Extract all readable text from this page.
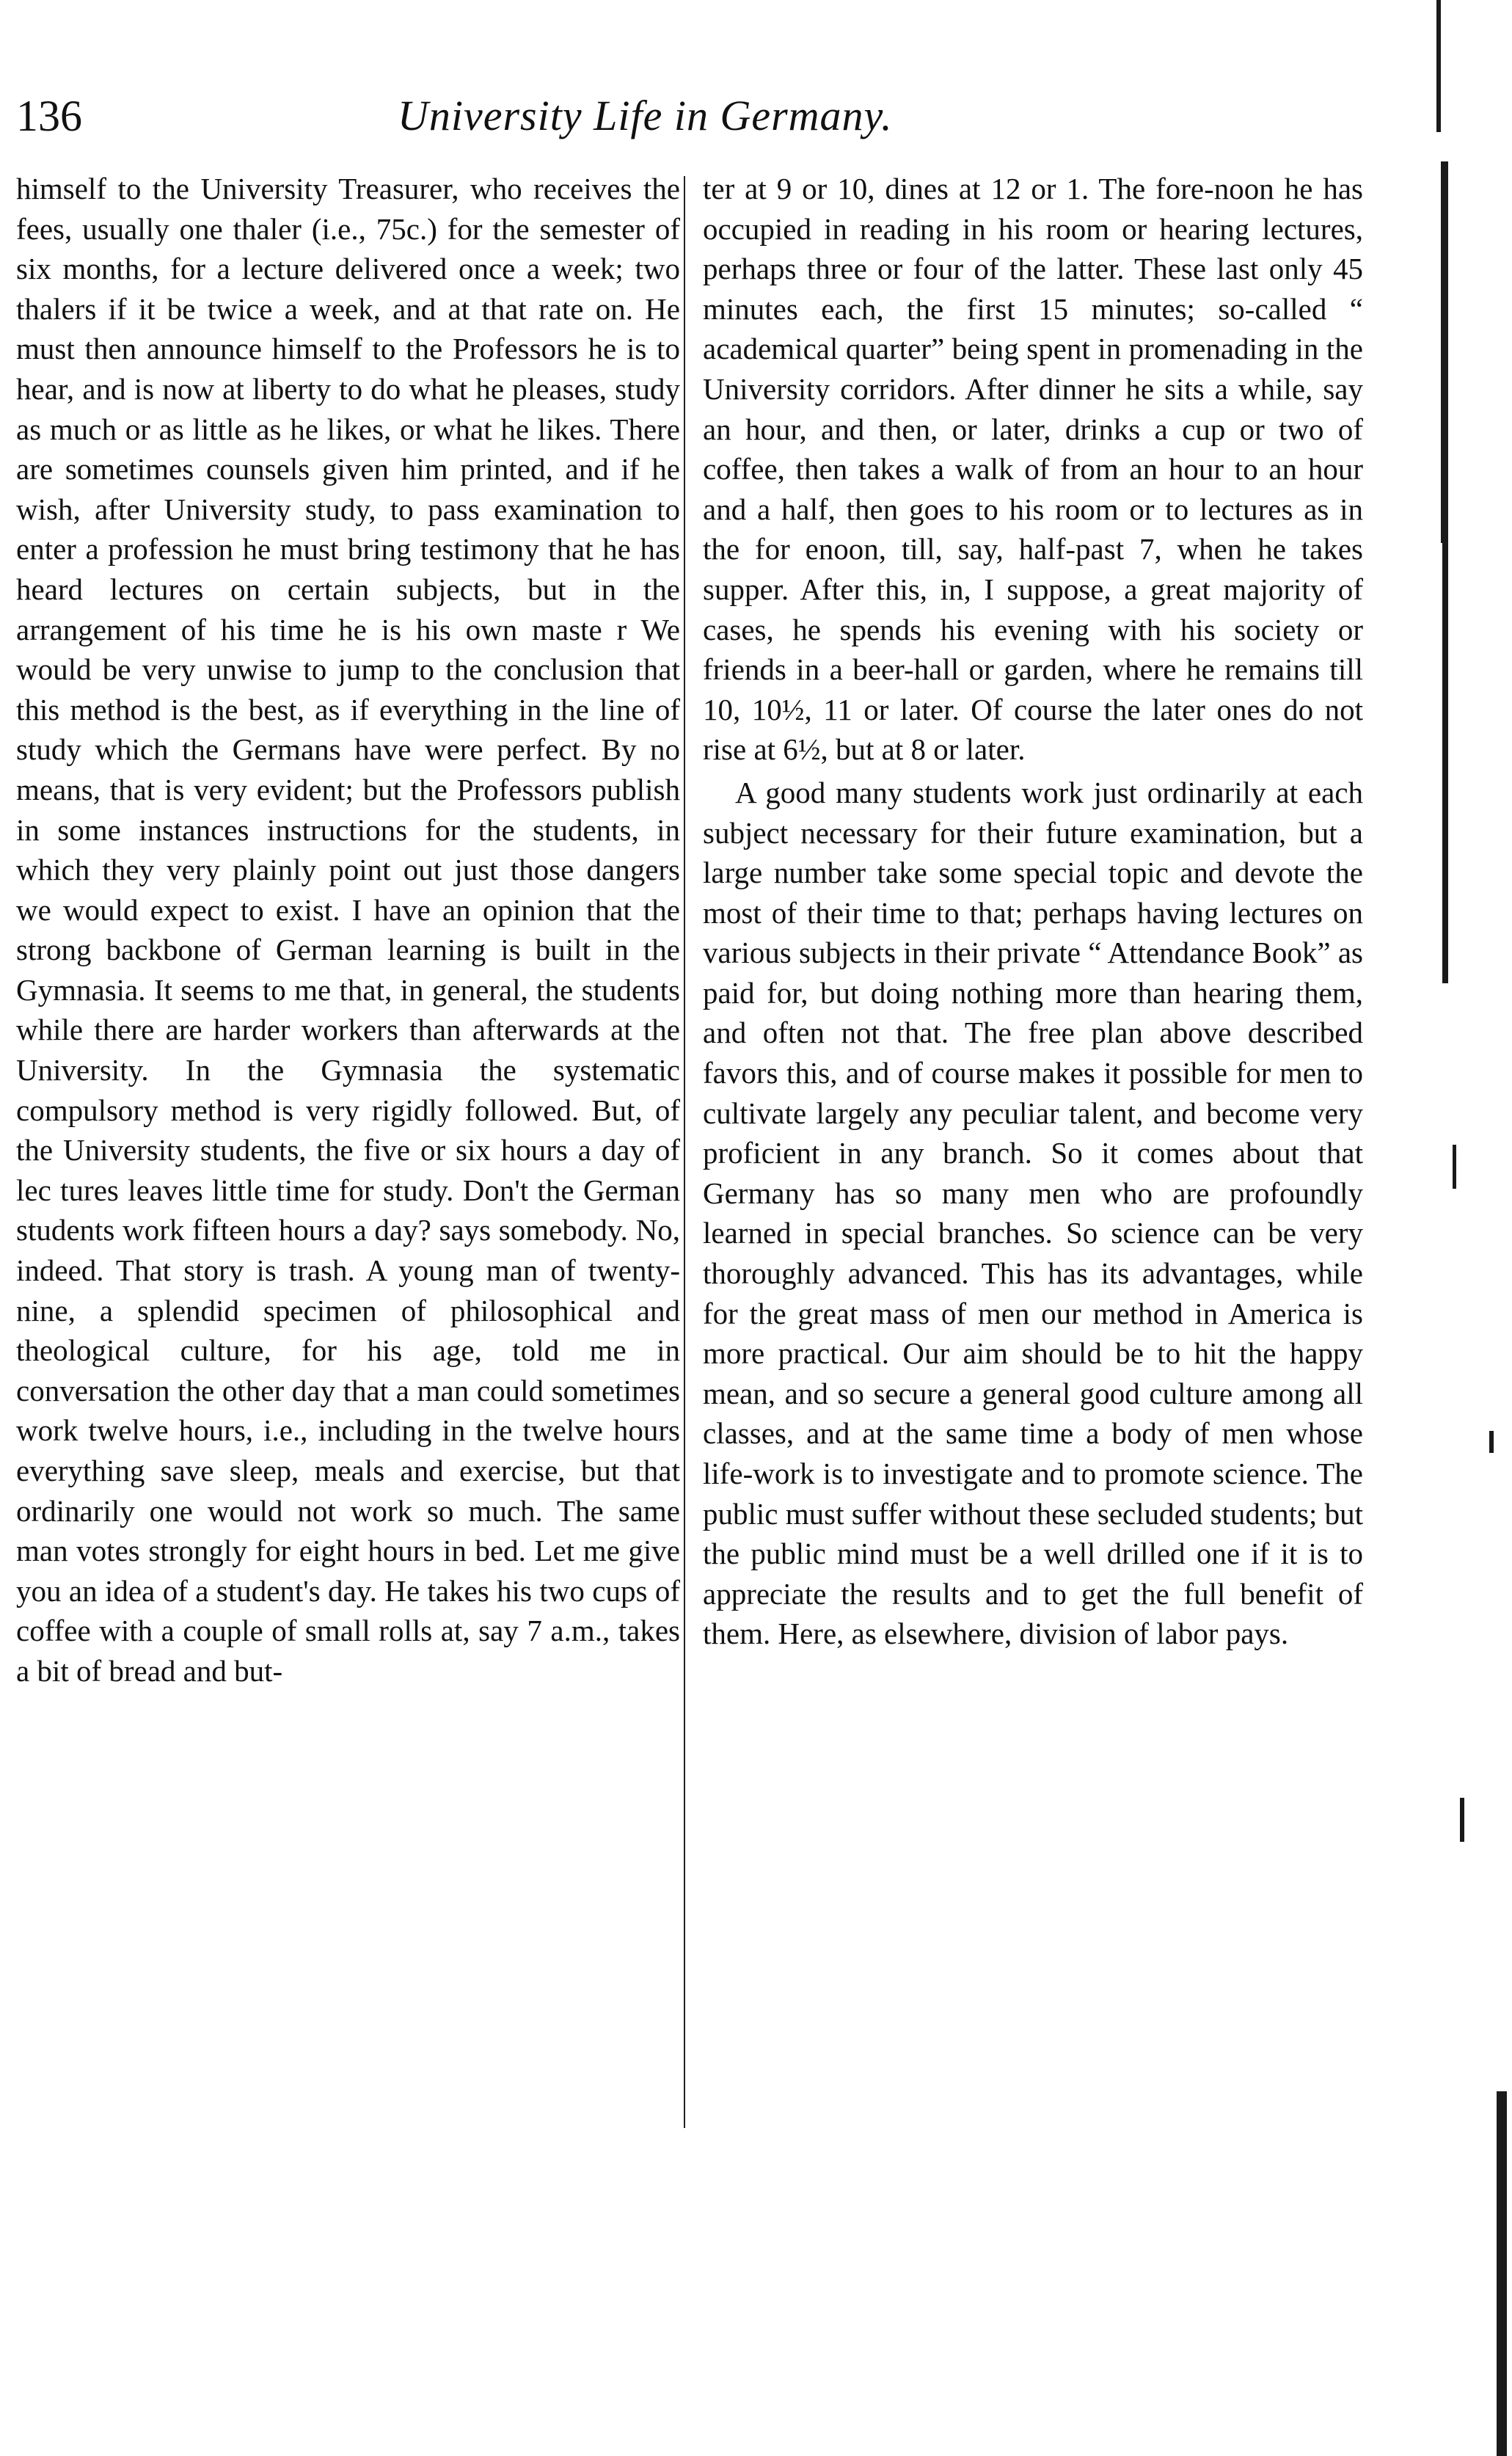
136	University Life in Germany.

himself to the University Treasurer, who receives the fees, usually one thaler (i.e., 75c.) for the semester of six months, for a lecture delivered once a week; two thalers if it be twice a week, and at that rate on. He must then announce himself to the Professors he is to hear, and is now at liberty to do what he pleases, study as much or as little as he likes, or what he likes. There are sometimes counsels given him printed, and if he wish, after University study, to pass examination to enter a profession he must bring testimony that he has heard lectures on certain subjects, but in the arrangement of his time he is his own maste r We would be very unwise to jump to the conclusion that this method is the best, as if everything in the line of study which the Germans have were perfect. By no means, that is very evident; but the Professors publish in some instances instructions for the students, in which they very plainly point out just those dangers we would expect to exist. I have an opinion that the strong backbone of German learning is built in the Gymnasia. It seems to me that, in general, the students while there are harder workers than afterwards at the University. In the Gymnasia the systematic compulsory method is very rigidly followed. But, of the University students, the five or six hours a day of lec tures leaves little time for study. Don't the German students work fifteen hours a day? says somebody. No, indeed. That story is trash. A young man of twenty-nine, a splendid specimen of philosophical and theological culture, for his age, told me in conversation the other day that a man could sometimes work twelve hours, i.e., including in the twelve hours everything save sleep, meals and exercise, but that ordinarily one would not work so much. The same man votes strongly for eight hours in bed. Let me give you an idea of a student's day. He takes his two cups of coffee with a couple of small rolls at, say 7 a.m., takes a bit of bread and but-

ter at 9 or 10, dines at 12 or 1. The fore-noon he has occupied in reading in his room or hearing lectures, perhaps three or four of the latter. These last only 45 minutes each, the first 15 minutes; so-called “ academical quarter” being spent in promenading in the University corridors. After dinner he sits a while, say an hour, and then, or later, drinks a cup or two of coffee, then takes a walk of from an hour to an hour and a half, then goes to his room or to lectures as in the for enoon, till, say, half-past 7, when he takes supper. After this, in, I suppose, a great majority of cases, he spends his evening with his society or friends in a beer-hall or garden, where he remains till 10, 10½, 11 or later. Of course the later ones do not rise at 6½, but at 8 or later.

A good many students work just ordinarily at each subject necessary for their future examination, but a large number take some special topic and devote the most of their time to that; perhaps having lectures on various subjects in their private “ Attendance Book” as paid for, but doing nothing more than hearing them, and often not that. The free plan above described favors this, and of course makes it possible for men to cultivate largely any peculiar talent, and become very proficient in any branch. So it comes about that Germany has so many men who are profoundly learned in special branches. So science can be very thoroughly advanced. This has its advantages, while for the great mass of men our method in America is more practical. Our aim should be to hit the happy mean, and so secure a general good culture among all classes, and at the same time a body of men whose life-work is to investigate and to promote science. The public must suffer without these secluded students; but the public mind must be a well drilled one if it is to appreciate the results and to get the full benefit of them. Here, as elsewhere, division of labor pays.
